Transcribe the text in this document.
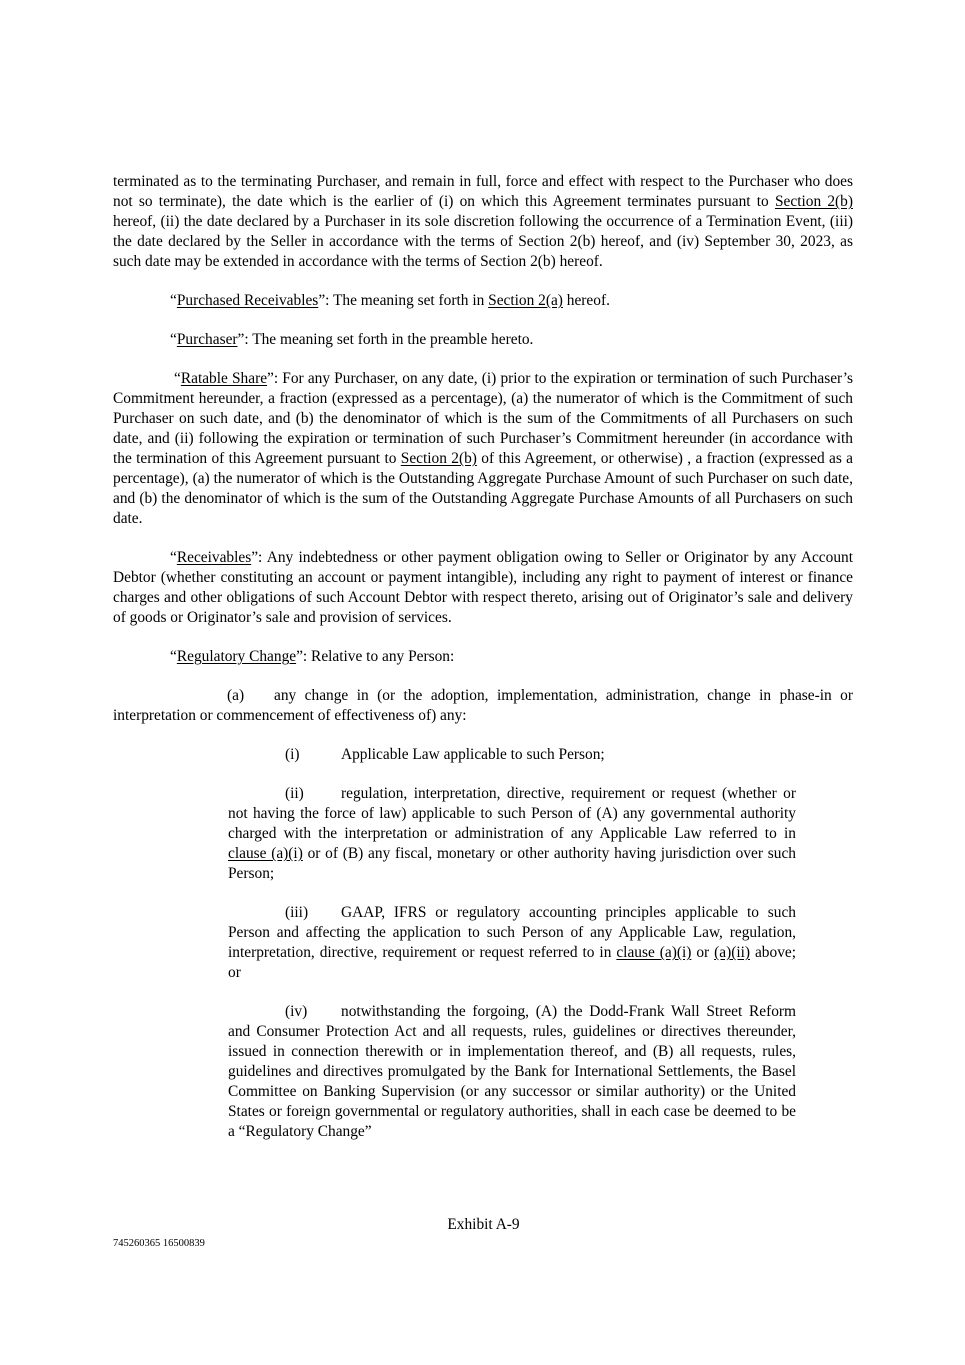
terminated as to the terminating Purchaser, and remain in full, force and effect with respect to the Purchaser who does not so terminate), the date which is the earlier of (i) on which this Agreement terminates pursuant to Section 2(b) hereof, (ii) the date declared by a Purchaser in its sole discretion following the occurrence of a Termination Event, (iii) the date declared by the Seller in accordance with the terms of Section 2(b) hereof, and (iv) September 30, 2023, as such date may be extended in accordance with the terms of Section 2(b) hereof.

“Purchased Receivables”: The meaning set forth in Section 2(a) hereof.

“Purchaser”: The meaning set forth in the preamble hereto.

“Ratable Share”: For any Purchaser, on any date, (i) prior to the expiration or termination of such Purchaser’s Commitment hereunder, a fraction (expressed as a percentage), (a) the numerator of which is the Commitment of such Purchaser on such date, and (b) the denominator of which is the sum of the Commitments of all Purchasers on such date, and (ii) following the expiration or termination of such Purchaser’s Commitment hereunder (in accordance with the termination of this Agreement pursuant to Section 2(b) of this Agreement, or otherwise) , a fraction (expressed as a percentage), (a) the numerator of which is the Outstanding Aggregate Purchase Amount of such Purchaser on such date, and (b) the denominator of which is the sum of the Outstanding Aggregate Purchase Amounts of all Purchasers on such date.

“Receivables”: Any indebtedness or other payment obligation owing to Seller or Originator by any Account Debtor (whether constituting an account or payment intangible), including any right to payment of interest or finance charges and other obligations of such Account Debtor with respect thereto, arising out of Originator’s sale and delivery of goods or Originator’s sale and provision of services.

“Regulatory Change”: Relative to any Person:

(a) any change in (or the adoption, implementation, administration, change in phase-in or interpretation or commencement of effectiveness of) any:

(i)	Applicable Law applicable to such Person;

(ii) regulation, interpretation, directive, requirement or request (whether or not having the force of law) applicable to such Person of (A) any governmental authority charged with the interpretation or administration of any Applicable Law referred to in clause (a)(i) or of (B) any fiscal, monetary or other authority having jurisdiction over such Person;

(iii) GAAP, IFRS or regulatory accounting principles applicable to such Person and affecting the application to such Person of any Applicable Law, regulation, interpretation, directive, requirement or request referred to in clause (a)(i) or (a)(ii) above; or

(iv) notwithstanding the forgoing, (A) the Dodd-Frank Wall Street Reform and Consumer Protection Act and all requests, rules, guidelines or directives thereunder, issued in connection therewith or in implementation thereof, and (B) all requests, rules, guidelines and directives promulgated by the Bank for International Settlements, the Basel Committee on Banking Supervision (or any successor or similar authority) or the United States or foreign governmental or regulatory authorities, shall in each case be deemed to be a “Regulatory Change”

Exhibit A-9
745260365 16500839
